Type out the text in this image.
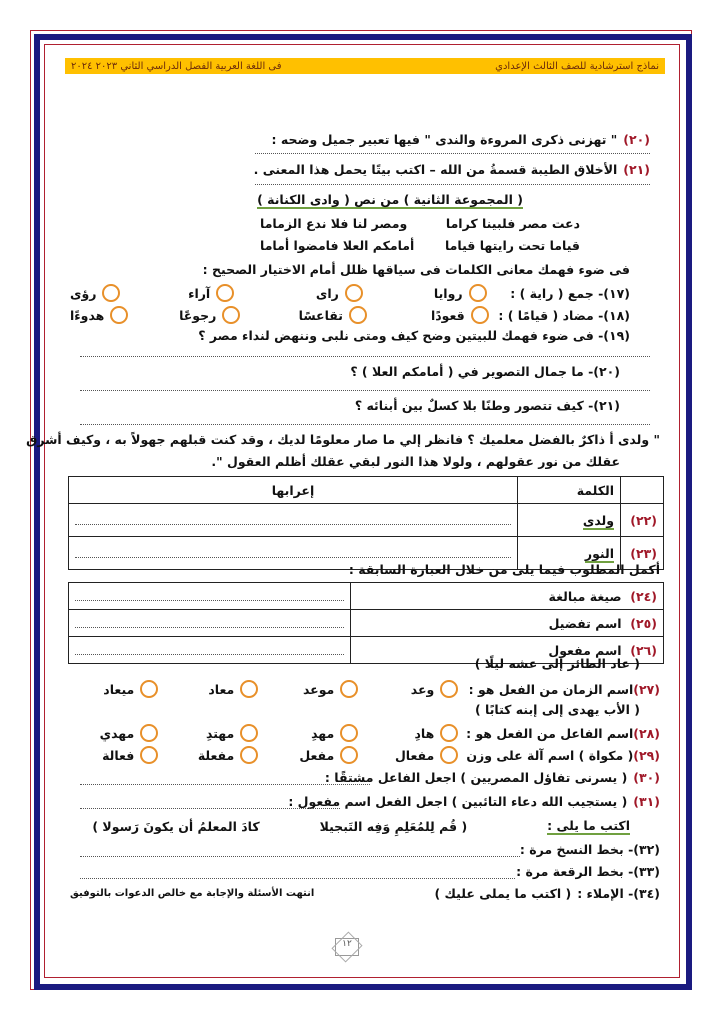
نماذج استرشادية للصف الثالث الإعدادي
فى اللغة العربية الفصل الدراسي الثاني ٢٠٢٣ ٢٠٢٤
(٢٠)
" تهزنى ذكرى المروءة والندى " فيها تعبير جميل وضحه :
(٢١)
الأخلاق الطيبة قسمةُ من الله – اكتب بيتًا يحمل هذا المعنى .
( المجموعة الثانية ) من نص ( وادى الكنانة )
دعت مصر فلبينا كراما
ومصر لنا فلا ندع الزماما
قياما تحت رايتها قياما
أمامكم العلا فامضوا أماما
فى ضوء فهمك معانى الكلمات فى سياقها ظلل أمام الاختيار الصحيح :
(١٧)- جمع ( راية ) :
روايا
راى
آراء
رؤى
(١٨)- مضاد ( قيامًا ) :
قعودًا
تقاعسًا
رجوعًا
هدوءًا
(١٩)- فى ضوء فهمك للبيتين وضح كيف ومتى نلبى وننهض لنداء مصر ؟
(٢٠)- ما جمال التصوير في ( أمامكم العلا ) ؟
(٢١)- كيف تتصور وطنًا بلا كسلٌ بين أبنائه ؟
" ولدى أ ذاكرٌ بالفضل معلميك ؟ فانظر إلي ما صار معلومًا لديك ، وقد كنت قبلهم جهولاً به ، وكيف أشرق
عقلك من نور عقولهم ، ولولا هذا النور لبقي عقلك أظلم العقول ".
	الكلمة	إعرابها
(٢٢)	ولدى	

(٢٣)	النور	
أكمل المطلوب فيما يلى من خلال العبارة السابقة :
(٢٤)  صيغة مبالغة	

(٢٥)  اسم تفضيل	

(٢٦)  اسم مفعول	
( عاد الطائر إلى عشه ليلًا )
(٢٧)
اسم الزمان من الفعل هو :
وعد
موعد
معاد
ميعاد
( الأب يهدى إلى إبنه كتابًا )
(٢٨)
اسم الفاعل من الفعل هو :
هادِ
مهدِ
مهتدِ
مهدي
(٢٩)
( مكواة ) اسم آلة على وزن
مفعال
مفعل
مفعلة
فعالة
(٣٠)
( يسرنى تفاؤل المصريين ) اجعل الفاعل مشتقًا :
(٣١)
( يستجيب الله دعاء التائبين ) اجعل الفعل اسم مفعول :
اكتب ما يلى :
( قُم لِلمُعَلِمِ وَفِه التَبجيلا
كادَ المعلمُ أن يكونَ رَسولا )
(٣٢)- بخط النسخ مرة :
(٣٣)- بخط الرقعة مرة :
(٣٤)- الإملاء :
( اكتب ما يملى عليك )
انتهت الأسئلة والإجابة مع خالص الدعوات بالتوفيق
١٢
